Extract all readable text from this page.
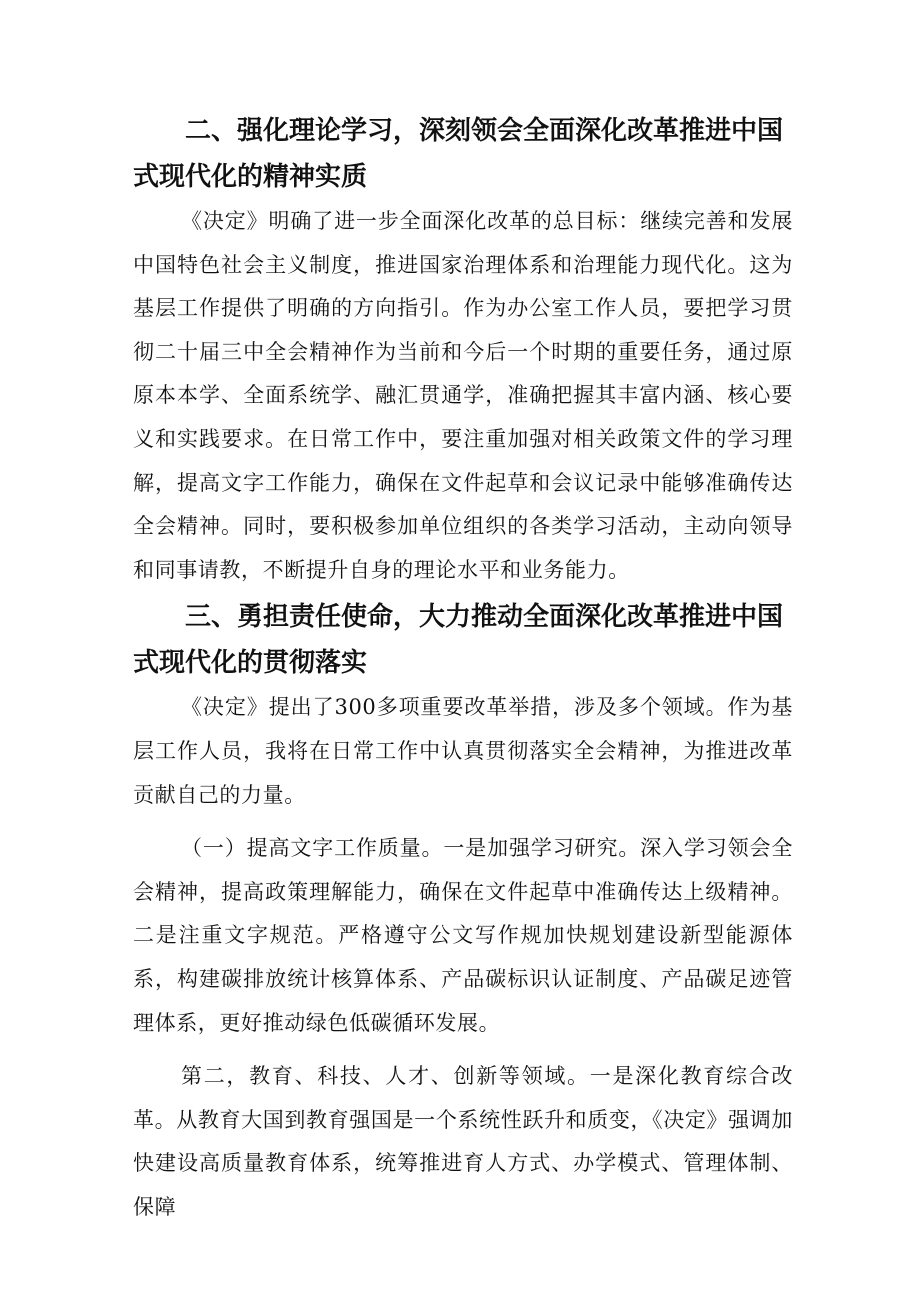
二、强化理论学习，深刻领会全面深化改革推进中国式现代化的精神实质

《决定》明确了进一步全面深化改革的总目标：继续完善和发展中国特色社会主义制度，推进国家治理体系和治理能力现代化。这为基层工作提供了明确的方向指引。作为办公室工作人员，要把学习贯彻二十届三中全会精神作为当前和今后一个时期的重要任务，通过原原本本学、全面系统学、融汇贯通学，准确把握其丰富内涵、核心要义和实践要求。在日常工作中，要注重加强对相关政策文件的学习理解，提高文字工作能力，确保在文件起草和会议记录中能够准确传达全会精神。同时，要积极参加单位组织的各类学习活动，主动向领导和同事请教，不断提升自身的理论水平和业务能力。

三、勇担责任使命，大力推动全面深化改革推进中国式现代化的贯彻落实

《决定》提出了300多项重要改革举措，涉及多个领域。作为基层工作人员，我将在日常工作中认真贯彻落实全会精神，为推进改革贡献自己的力量。

（一）提高文字工作质量。一是加强学习研究。深入学习领会全会精神，提高政策理解能力，确保在文件起草中准确传达上级精神。二是注重文字规范。严格遵守公文写作规加快规划建设新型能源体系，构建碳排放统计核算体系、产品碳标识认证制度、产品碳足迹管理体系，更好推动绿色低碳循环发展。

第二，教育、科技、人才、创新等领域。一是深化教育综合改革。从教育大国到教育强国是一个系统性跃升和质变，《决定》强调加快建设高质量教育体系，统筹推进育人方式、办学模式、管理体制、保障
